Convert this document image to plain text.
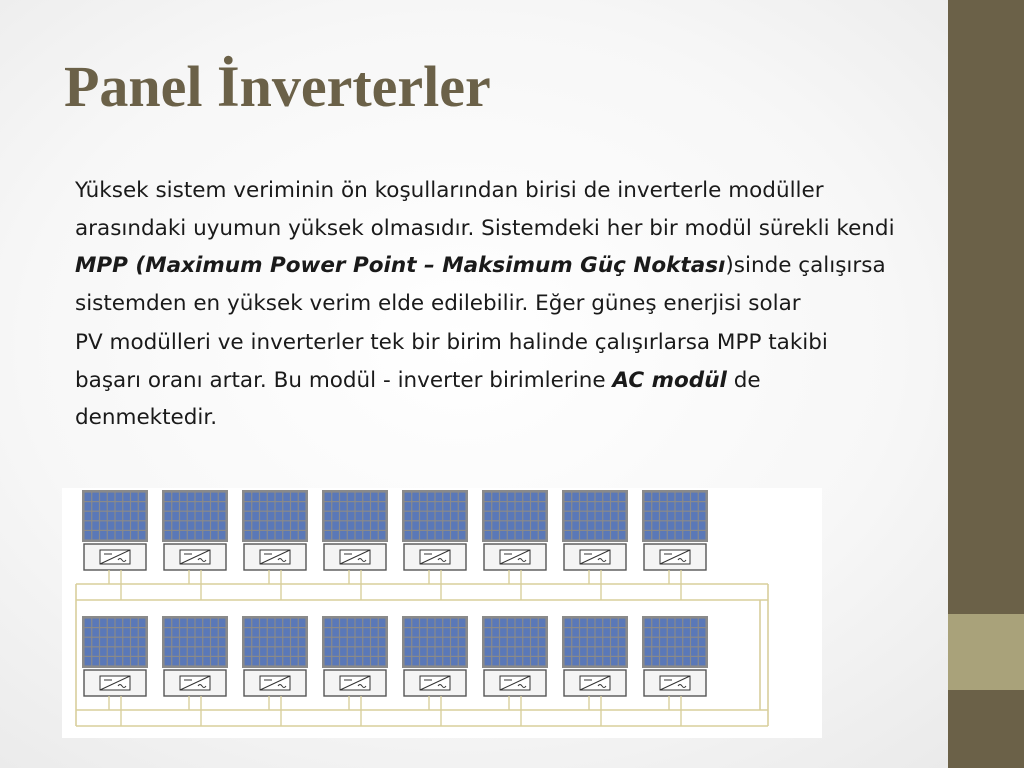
Panel İnverterler

Yüksek sistem veriminin ön koşullarından birisi de inverterle modüller arasındaki uyumun yüksek olmasıdır. Sistemdeki her bir modül sürekli kendi MPP (Maximum Power Point – Maksimum Güç Noktası)sinde çalışırsa sistemden en yüksek verim elde edilebilir. Eğer güneş enerjisi solar

PV modülleri ve inverterler tek bir birim halinde çalışırlarsa MPP takibi başarı oranı artar. Bu modül - inverter birimlerine AC modül de denmektedir.
